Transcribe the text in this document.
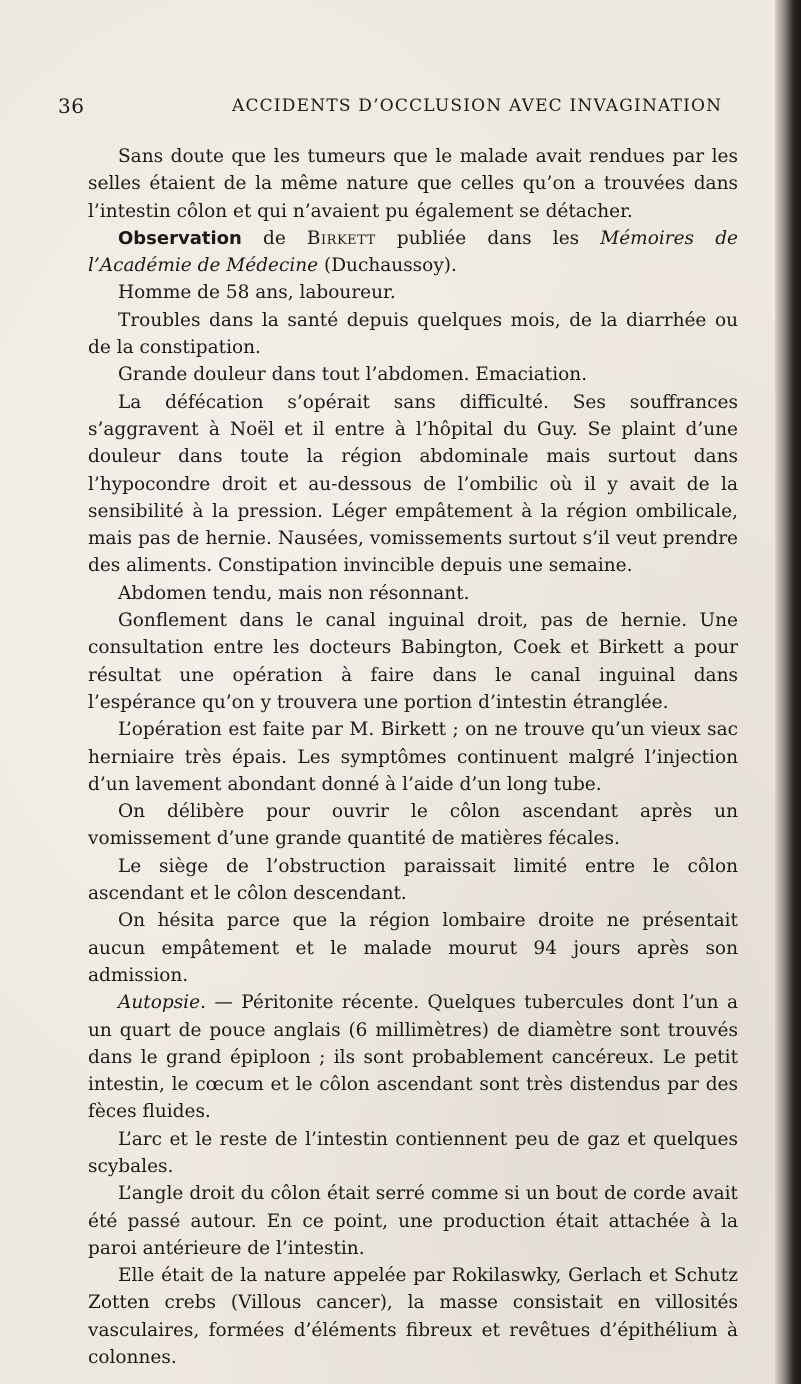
36	ACCIDENTS D’OCCLUSION AVEC INVAGINATION

Sans doute que les tumeurs que le malade avait rendues par les selles étaient de la même nature que celles qu’on a trouvées dans l’intestin côlon et qui n’avaient pu également se détacher.

Observation de Birkett publiée dans les Mémoires de l’Académie de Médecine (Duchaussoy).

Homme de 58 ans, laboureur.

Troubles dans la santé depuis quelques mois, de la diarrhée ou de la constipation.

Grande douleur dans tout l’abdomen. Emaciation.

La défécation s’opérait sans difficulté. Ses souffrances s’aggravent à Noël et il entre à l’hôpital du Guy. Se plaint d’une douleur dans toute la région abdominale mais surtout dans l’hypocondre droit et au-dessous de l’ombilic où il y avait de la sensibilité à la pression. Léger empâtement à la région ombilicale, mais pas de hernie. Nausées, vomissements surtout s’il veut prendre des aliments. Constipation invincible depuis une semaine.

Abdomen tendu, mais non résonnant.

Gonflement dans le canal inguinal droit, pas de hernie. Une consultation entre les docteurs Babington, Coek et Birkett a pour résultat une opération à faire dans le canal inguinal dans l’espérance qu’on y trouvera une portion d’intestin étranglée.

L’opération est faite par M. Birkett ; on ne trouve qu’un vieux sac herniaire très épais. Les symptômes continuent malgré l’injection d’un lavement abondant donné à l’aide d’un long tube.

On délibère pour ouvrir le côlon ascendant après un vomissement d’une grande quantité de matières fécales.

Le siège de l’obstruction paraissait limité entre le côlon ascendant et le côlon descendant.

On hésita parce que la région lombaire droite ne présentait aucun empâtement et le malade mourut 94 jours après son admission.

Autopsie. — Péritonite récente. Quelques tubercules dont l’un a un quart de pouce anglais (6 millimètres) de diamètre sont trouvés dans le grand épiploon ; ils sont probablement cancéreux. Le petit intestin, le cœcum et le côlon ascendant sont très distendus par des fèces fluides.

L’arc et le reste de l’intestin contiennent peu de gaz et quelques scybales.

L’angle droit du côlon était serré comme si un bout de corde avait été passé autour. En ce point, une production était attachée à la paroi antérieure de l’intestin.

Elle était de la nature appelée par Rokilaswky, Gerlach et Schutz Zotten crebs (Villous cancer), la masse consistait en villosités vasculaires, formées d’éléments fibreux et revêtues d’épithélium à colonnes.
